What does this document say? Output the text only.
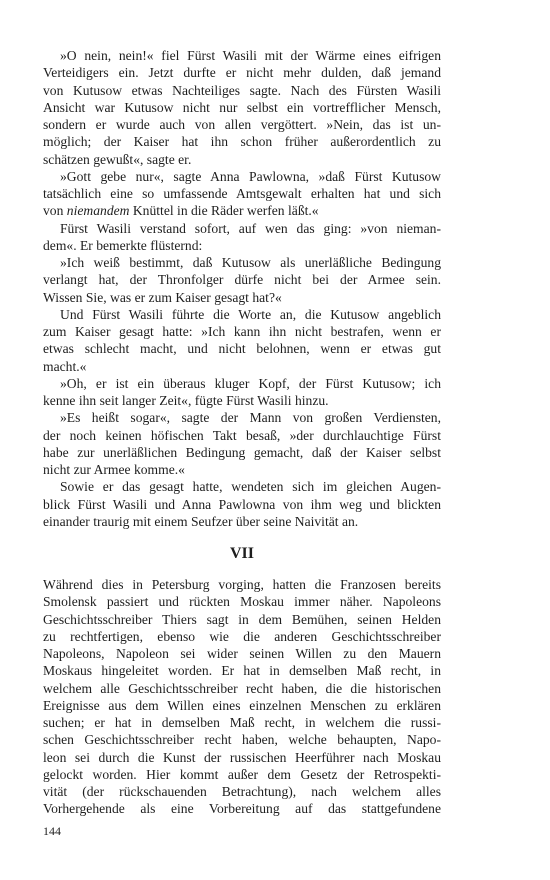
»O nein, nein!« fiel Fürst Wasili mit der Wärme eines eifrigen
Verteidigers ein. Jetzt durfte er nicht mehr dulden, daß jemand
von Kutusow etwas Nachteiliges sagte. Nach des Fürsten Wasili
Ansicht war Kutusow nicht nur selbst ein vortrefflicher Mensch,
sondern er wurde auch von allen vergöttert. »Nein, das ist un-
möglich; der Kaiser hat ihn schon früher außerordentlich zu
schätzen gewußt«, sagte er.
»Gott gebe nur«, sagte Anna Pawlowna, »daß Fürst Kutusow
tatsächlich eine so umfassende Amtsgewalt erhalten hat und sich
von niemandem Knüttel in die Räder werfen läßt.«
Fürst Wasili verstand sofort, auf wen das ging: »von nieman-
dem«. Er bemerkte flüsternd:
»Ich weiß bestimmt, daß Kutusow als unerläßliche Bedingung
verlangt hat, der Thronfolger dürfe nicht bei der Armee sein.
Wissen Sie, was er zum Kaiser gesagt hat?«
Und Fürst Wasili führte die Worte an, die Kutusow angeblich
zum Kaiser gesagt hatte: »Ich kann ihn nicht bestrafen, wenn er
etwas schlecht macht, und nicht belohnen, wenn er etwas gut
macht.«
»Oh, er ist ein überaus kluger Kopf, der Fürst Kutusow; ich
kenne ihn seit langer Zeit«, fügte Fürst Wasili hinzu.
»Es heißt sogar«, sagte der Mann von großen Verdiensten,
der noch keinen höfischen Takt besaß, »der durchlauchtige Fürst
habe zur unerläßlichen Bedingung gemacht, daß der Kaiser selbst
nicht zur Armee komme.«
Sowie er das gesagt hatte, wendeten sich im gleichen Augen-
blick Fürst Wasili und Anna Pawlowna von ihm weg und blickten
einander traurig mit einem Seufzer über seine Naivität an.
VII
Während dies in Petersburg vorging, hatten die Franzosen bereits
Smolensk passiert und rückten Moskau immer näher. Napoleons
Geschichtsschreiber Thiers sagt in dem Bemühen, seinen Helden
zu rechtfertigen, ebenso wie die anderen Geschichtsschreiber
Napoleons, Napoleon sei wider seinen Willen zu den Mauern
Moskaus hingeleitet worden. Er hat in demselben Maß recht, in
welchem alle Geschichtsschreiber recht haben, die die historischen
Ereignisse aus dem Willen eines einzelnen Menschen zu erklären
suchen; er hat in demselben Maß recht, in welchem die russi-
schen Geschichtsschreiber recht haben, welche behaupten, Napo-
leon sei durch die Kunst der russischen Heerführer nach Moskau
gelockt worden. Hier kommt außer dem Gesetz der Retrospekti-
vität (der rückschauenden Betrachtung), nach welchem alles
Vorhergehende als eine Vorbereitung auf das stattgefundene
144
